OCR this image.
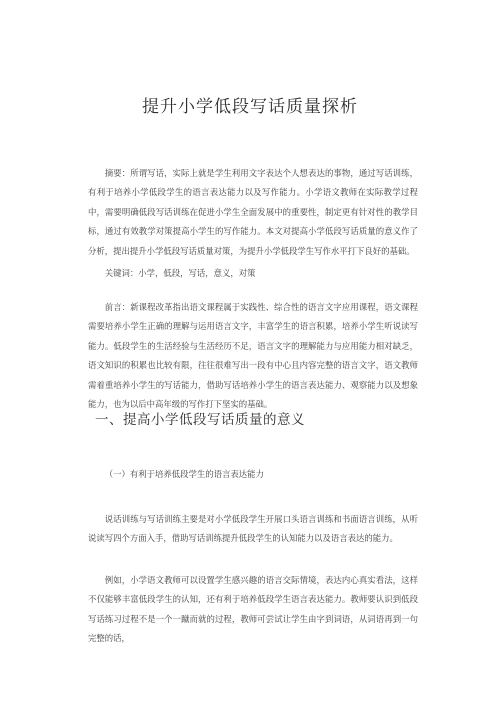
提升小学低段写话质量探析

摘要：所谓写话，实际上就是学生利用文字表达个人想表达的事物，通过写话训练，有利于培养小学低段学生的语言表达能力以及写作能力。小学语文教师在实际教学过程中，需要明确低段写话训练在促进小学生全面发展中的重要性，制定更有针对性的教学目标，通过有效教学对策提高小学生的写作能力。本文对提高小学低段写话质量的意义作了分析，提出提升小学低段写话质量对策，为提升小学低段学生写作水平打下良好的基础。

关键词：小学，低段，写话，意义，对策

前言：新课程改革指出语文课程属于实践性、综合性的语言文字应用课程，语文课程需要培养小学生正确的理解与运用语言文字，丰富学生的语言积累，培养小学生听说读写能力。低段学生的生活经验与生活经历不足，语言文字的理解能力与应用能力相对缺乏，语文知识的积累也比较有限，往往很难写出一段有中心且内容完整的语言文字，语文教师需着重培养小学生的写话能力，借助写话培养小学生的语言表达能力、观察能力以及想象能力，也为以后中高年级的写作打下坚实的基础。

一、提高小学低段写话质量的意义

（一）有利于培养低段学生的语言表达能力

说话训练与写话训练主要是对小学低段学生开展口头语言训练和书面语言训练，从听说读写四个方面入手，借助写话训练提升低段学生的认知能力以及语言表达的能力。

例如，小学语文教师可以设置学生感兴趣的语言交际情境，表达内心真实看法，这样不仅能够丰富低段学生的认知，还有利于培养低段学生语言表达能力。教师要认识到低段写话练习过程不是一个一蹴而就的过程，教师可尝试让学生由字到词语，从词语再到一句完整的话，
